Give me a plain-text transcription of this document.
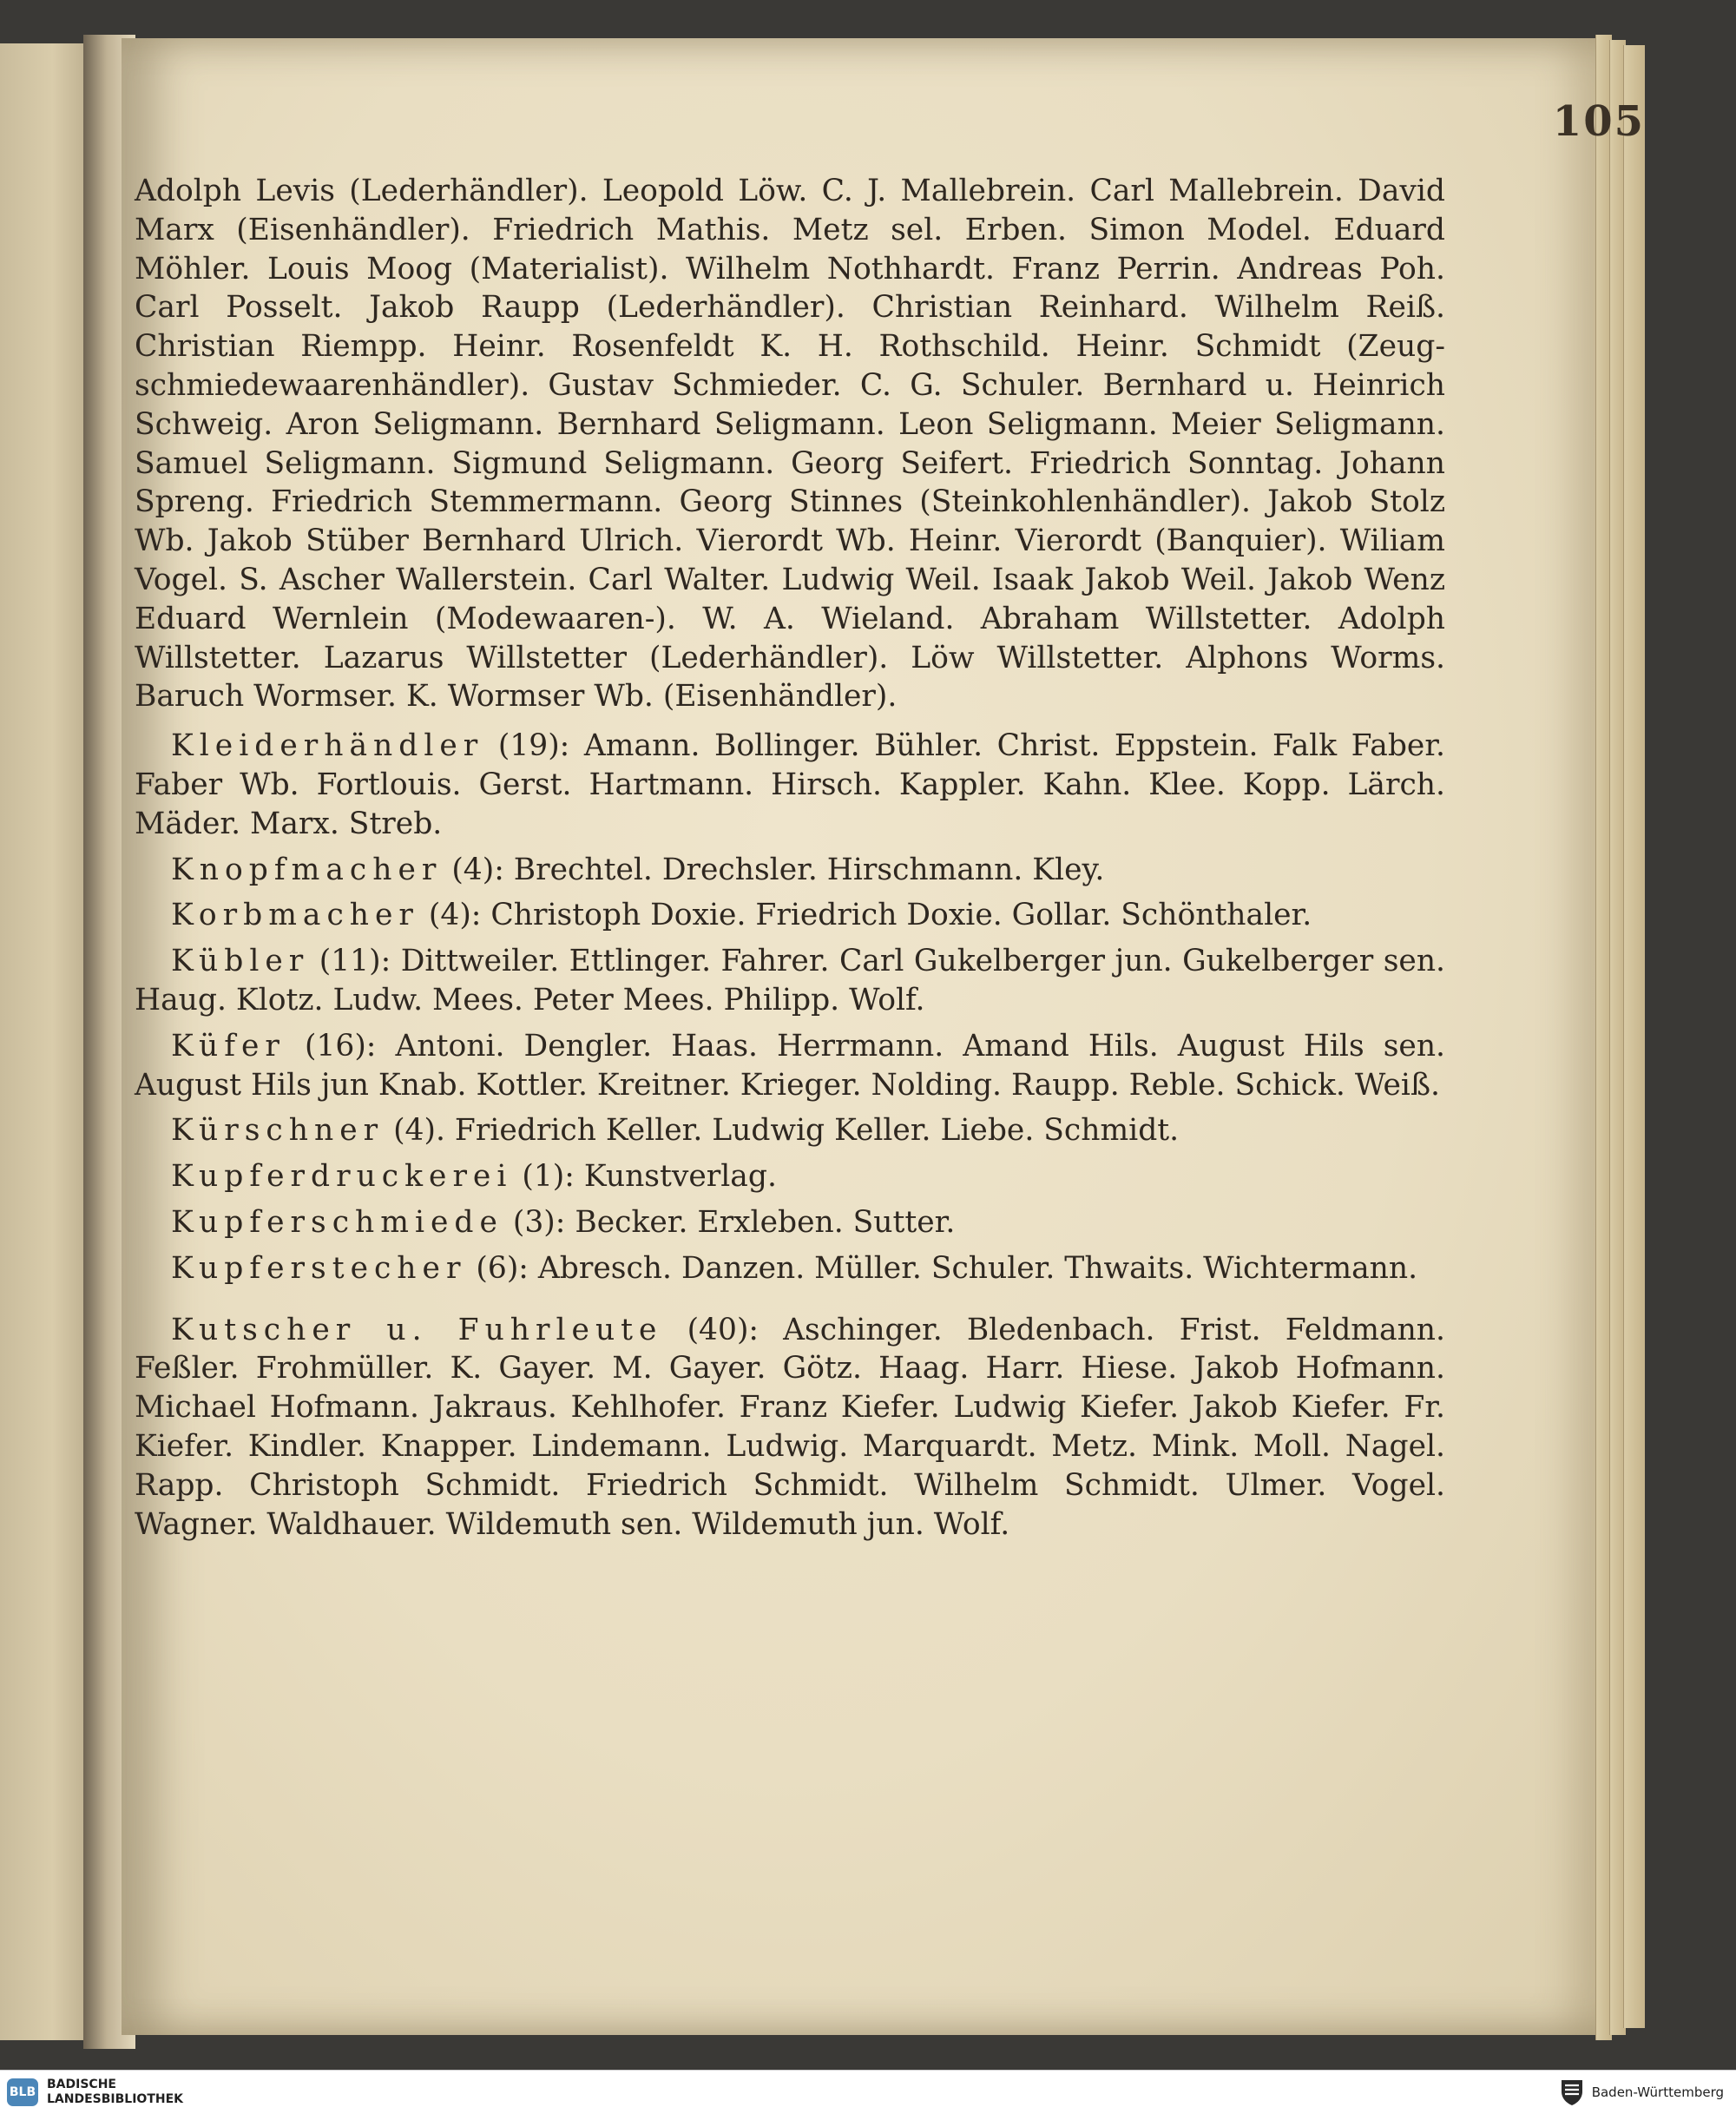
105

Adolph Levis (Lederhändler). Leopold Löw. C. J. Mallebrein. Carl Mallebrein. David Marx (Eisenhändler). Friedrich Mathis. Metz sel. Erben. Simon Model. Eduard Möhler. Louis Moog (Materialist). Wilhelm Nothhardt. Franz Perrin. Andreas Poh. Carl Posselt. Jakob Raupp (Lederhändler). Christian Reinhard. Wilhelm Reiß. Christian Riempp. Heinr. Rosenfeldt K. H. Rothschild. Heinr. Schmidt (Zeugschmiedewaarenhändler). Gustav Schmieder. C. G. Schuler. Bernhard u. Heinrich Schweig. Aron Seligmann. Bernhard Seligmann. Leon Seligmann. Meier Seligmann. Samuel Seligmann. Sigmund Seligmann. Georg Seifert. Friedrich Sonntag. Johann Spreng. Friedrich Stemmermann. Georg Stinnes (Steinkohlenhändler). Jakob Stolz Wb. Jakob Stüber Bernhard Ulrich. Vierordt Wb. Heinr. Vierordt (Banquier). Wiliam Vogel. S. Ascher Wallerstein. Carl Walter. Ludwig Weil. Isaak Jakob Weil. Jakob Wenz Eduard Wernlein (Modewaaren-). W. A. Wieland. Abraham Willstetter. Adolph Willstetter. Lazarus Willstetter (Lederhändler). Löw Willstetter. Alphons Worms. Baruch Wormser. K. Wormser Wb. (Eisenhändler).

Kleiderhändler (19): Amann. Bollinger. Bühler. Christ. Eppstein. Falk Faber. Faber Wb. Fortlouis. Gerst. Hartmann. Hirsch. Kappler. Kahn. Klee. Kopp. Lärch. Mäder. Marx. Streb.

Knopfmacher (4): Brechtel. Drechsler. Hirschmann. Kley.

Korbmacher (4): Christoph Doxie. Friedrich Doxie. Gollar. Schönthaler.

Kübler (11): Dittweiler. Ettlinger. Fahrer. Carl Gukelberger jun. Gukelberger sen. Haug. Klotz. Ludw. Mees. Peter Mees. Philipp. Wolf.

Küfer (16): Antoni. Dengler. Haas. Herrmann. Amand Hils. August Hils sen. August Hils jun Knab. Kottler. Kreitner. Krieger. Nolding. Raupp. Reble. Schick. Weiß.

Kürschner (4). Friedrich Keller. Ludwig Keller. Liebe. Schmidt.

Kupferdruckerei (1): Kunstverlag.

Kupferschmiede (3): Becker. Erxleben. Sutter.

Kupferstecher (6): Abresch. Danzen. Müller. Schuler. Thwaits. Wichtermann.

Kutscher u. Fuhrleute (40): Aschinger. Bledenbach. Frist. Feldmann. Feßler. Frohmüller. K. Gayer. M. Gayer. Götz. Haag. Harr. Hiese. Jakob Hofmann. Michael Hofmann. Jakraus. Kehlhofer. Franz Kiefer. Ludwig Kiefer. Jakob Kiefer. Fr. Kiefer. Kindler. Knapper. Lindemann. Ludwig. Marquardt. Metz. Mink. Moll. Nagel. Rapp. Christoph Schmidt. Friedrich Schmidt. Wilhelm Schmidt. Ulmer. Vogel. Wagner. Waldhauer. Wildemuth sen. Wildemuth jun. Wolf.

BLB
BADISCHE
LANDESBIBLIOTHEK	Baden-Württemberg
